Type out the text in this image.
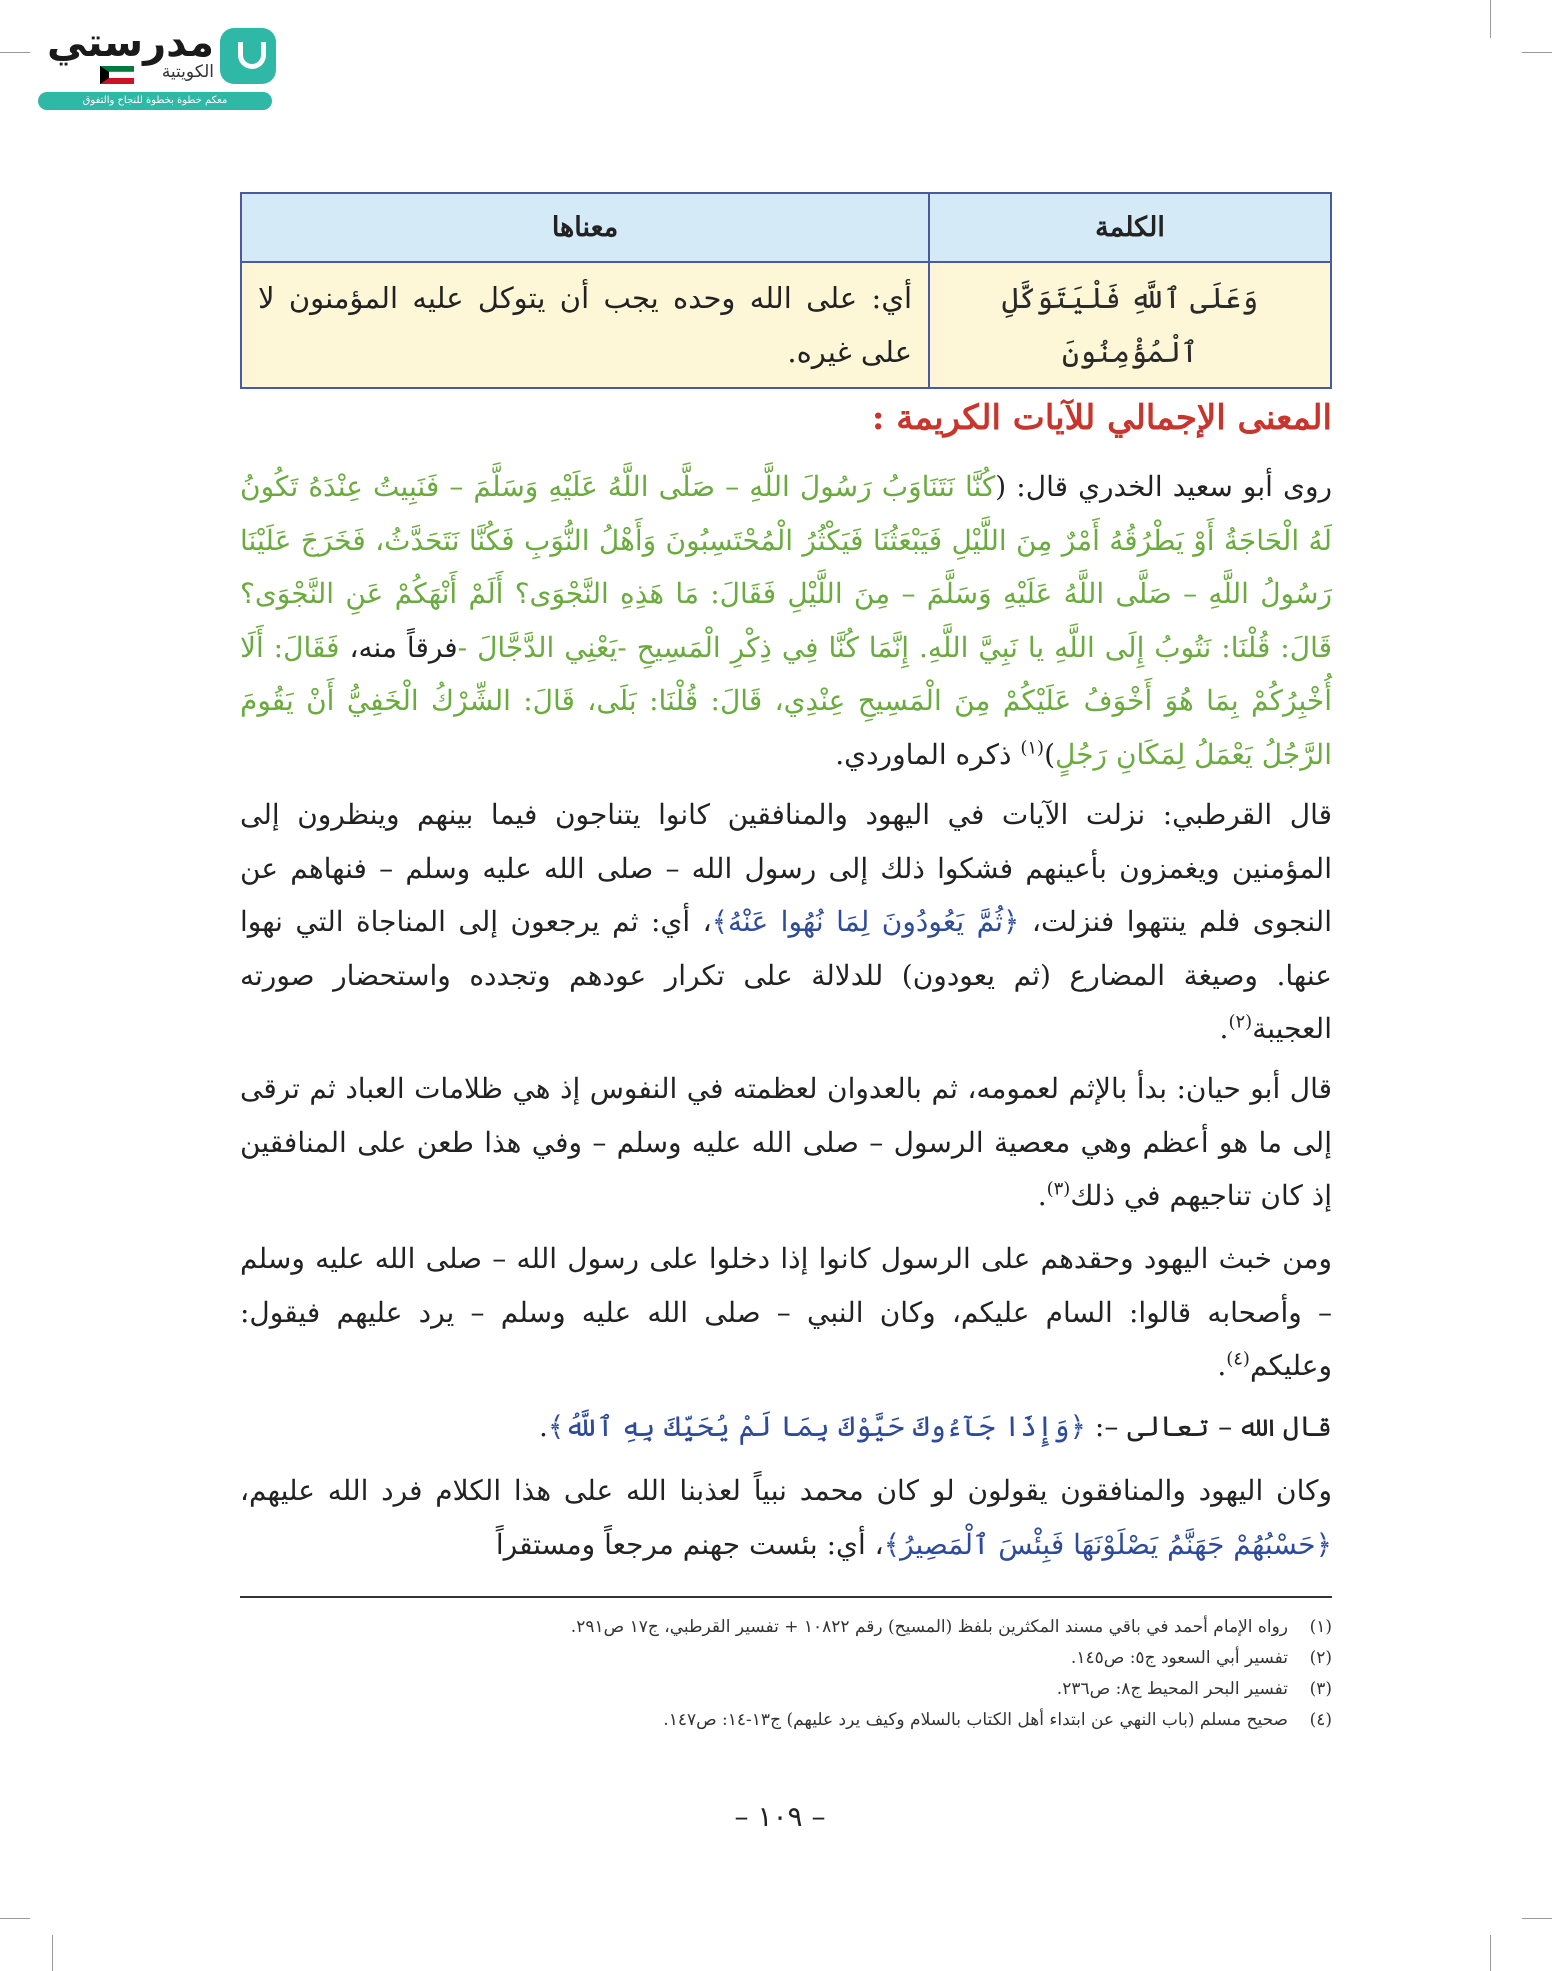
مدرستي
الكويتية
معكم خطوة بخطوة للنجاح والتفوق
الكلمة	معناها
وَعَلَى ٱللَّهِ فَلْيَتَوَكَّلِ ٱلْمُؤْمِنُونَ	أي: على الله وحده يجب أن يتوكل عليه المؤمنون لا على غيره.
المعنى الإجمالي للآيات الكريمة :
روى أبو سعيد الخدري قال: (كُنَّا نَتَنَاوَبُ رَسُولَ اللَّهِ – صَلَّى اللَّهُ عَلَيْهِ وَسَلَّمَ – فَنَبِيتُ عِنْدَهُ تَكُونُ لَهُ الْحَاجَةُ أَوْ يَطْرُقُهُ أَمْرٌ مِنَ اللَّيْلِ فَيَبْعَثُنَا فَيَكْثُرُ الْمُحْتَسِبُونَ وَأَهْلُ النُّوَبِ فَكُنَّا نَتَحَدَّثُ، فَخَرَجَ عَلَيْنَا رَسُولُ اللَّهِ – صَلَّى اللَّهُ عَلَيْهِ وَسَلَّمَ – مِنَ اللَّيْلِ فَقَالَ: مَا هَذِهِ النَّجْوَى؟ أَلَمْ أَنْهَكُمْ عَنِ النَّجْوَى؟ قَالَ: قُلْنَا: نَتُوبُ إِلَى اللَّهِ يا نَبِيَّ اللَّهِ. إِنَّمَا كُنَّا فِي ذِكْرِ الْمَسِيحِ -يَعْنِي الدَّجَّالَ -فرقاً منه، فَقَالَ: أَلَا أُخْبِرُكُمْ بِمَا هُوَ أَخْوَفُ عَلَيْكُمْ مِنَ الْمَسِيحِ عِنْدِي، قَالَ: قُلْنَا: بَلَى، قَالَ: الشِّرْكُ الْخَفِيُّ أَنْ يَقُومَ الرَّجُلُ يَعْمَلُ لِمَكَانِ رَجُلٍ)$^{(١)}$ ذكره الماوردي.
قال القرطبي: نزلت الآيات في اليهود والمنافقين كانوا يتناجون فيما بينهم وينظرون إلى المؤمنين ويغمزون بأعينهم فشكوا ذلك إلى رسول الله – صلى الله عليه وسلم – فنهاهم عن النجوى فلم ينتهوا فنزلت، ﴿ثُمَّ يَعُودُونَ لِمَا نُهُوا عَنْهُ﴾، أي: ثم يرجعون إلى المناجاة التي نهوا عنها. وصيغة المضارع (ثم يعودون) للدلالة على تكرار عودهم وتجدده واستحضار صورته العجيبة$^{(٢)}$.
قال أبو حيان: بدأ بالإثم لعمومه، ثم بالعدوان لعظمته في النفوس إذ هي ظلامات العباد ثم ترقى إلى ما هو أعظم وهي معصية الرسول – صلى الله عليه وسلم – وفي هذا طعن على المنافقين إذ كان تناجيهم في ذلك$^{(٣)}$.
ومن خبث اليهود وحقدهم على الرسول كانوا إذا دخلوا على رسول الله – صلى الله عليه وسلم – وأصحابه قالوا: السام عليكم، وكان النبي – صلى الله عليه وسلم – يرد عليهم فيقول: وعليكم$^{(٤)}$.
قال الله – تعالى –: ﴿وَإِذَا جَآءُوكَ حَيَّوْكَ بِمَا لَمْ يُحَيِّكَ بِهِ ٱللَّهُ﴾.
وكان اليهود والمنافقون يقولون لو كان محمد نبياً لعذبنا الله على هذا الكلام فرد الله عليهم، ﴿حَسْبُهُمْ جَهَنَّمُ يَصْلَوْنَهَا فَبِئْسَ ٱلْمَصِيرُ﴾، أي: بئست جهنم مرجعاً ومستقراً
(١)
رواه الإمام أحمد في باقي مسند المكثرين بلفظ (المسيح) رقم ١٠٨٢٢ + تفسير القرطبي، ج١٧ ص٢٩١.
(٢)
تفسير أبي السعود ج٥: ص١٤٥.
(٣)
تفسير البحر المحيط ج٨: ص٢٣٦.
(٤)
صحيح مسلم (باب النهي عن ابتداء أهل الكتاب بالسلام وكيف يرد عليهم) ج١٣-١٤: ص١٤٧.
– ١٠٩ –
